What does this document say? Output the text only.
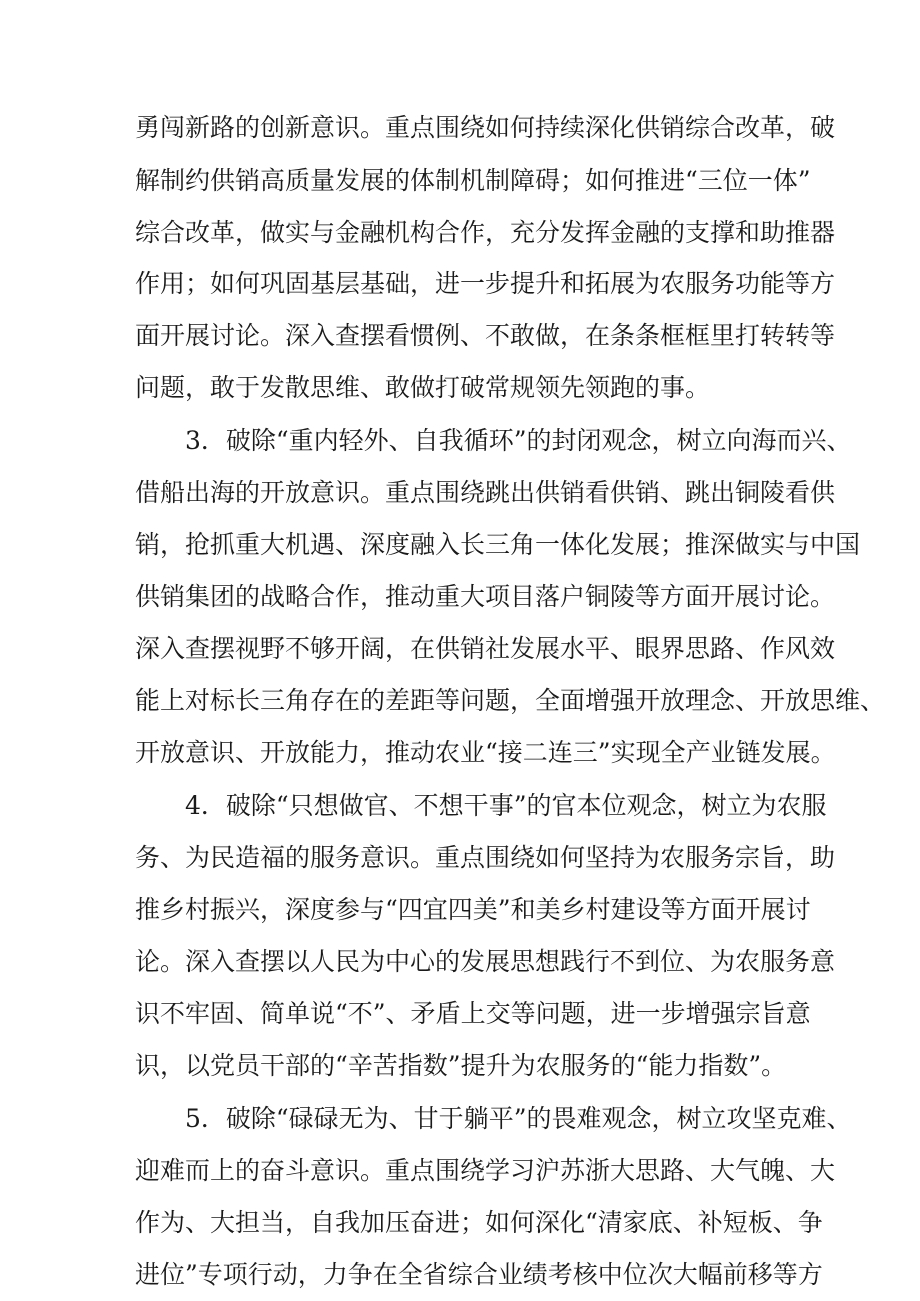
勇闯新路的创新意识。重点围绕如何持续深化供销综合改革，破
解制约供销高质量发展的体制机制障碍；如何推进“三位一体”
综合改革，做实与金融机构合作，充分发挥金融的支撑和助推器
作用；如何巩固基层基础，进一步提升和拓展为农服务功能等方
面开展讨论。深入查摆看惯例、不敢做，在条条框框里打转转等
问题，敢于发散思维、敢做打破常规领先领跑的事。
3．破除“重内轻外、自我循环”的封闭观念，树立向海而兴、
借船出海的开放意识。重点围绕跳出供销看供销、跳出铜陵看供
销，抢抓重大机遇、深度融入长三角一体化发展；推深做实与中国
供销集团的战略合作，推动重大项目落户铜陵等方面开展讨论。
深入查摆视野不够开阔，在供销社发展水平、眼界思路、作风效
能上对标长三角存在的差距等问题，全面增强开放理念、开放思维、
开放意识、开放能力，推动农业“接二连三”实现全产业链发展。
4．破除“只想做官、不想干事”的官本位观念，树立为农服
务、为民造福的服务意识。重点围绕如何坚持为农服务宗旨，助
推乡村振兴，深度参与“四宜四美”和美乡村建设等方面开展讨
论。深入查摆以人民为中心的发展思想践行不到位、为农服务意
识不牢固、简单说“不”、矛盾上交等问题，进一步增强宗旨意
识，以党员干部的“辛苦指数”提升为农服务的“能力指数”。
5．破除“碌碌无为、甘于躺平”的畏难观念，树立攻坚克难、
迎难而上的奋斗意识。重点围绕学习沪苏浙大思路、大气魄、大
作为、大担当，自我加压奋进；如何深化“清家底、补短板、争
进位”专项行动，力争在全省综合业绩考核中位次大幅前移等方
